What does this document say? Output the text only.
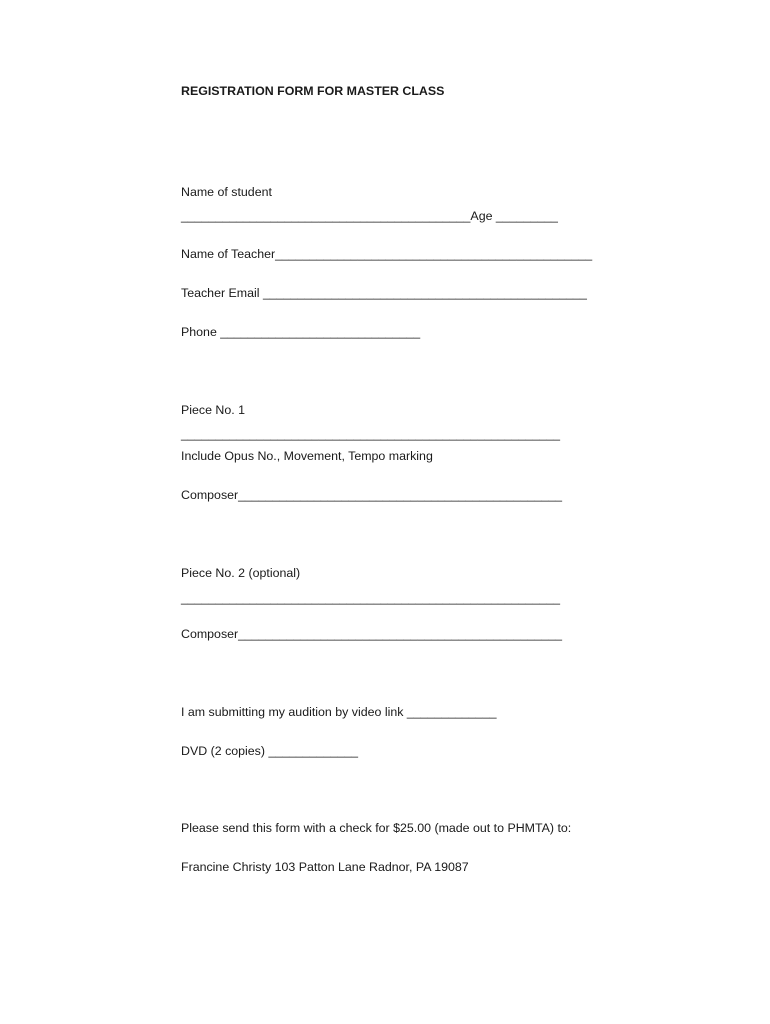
REGISTRATION FORM FOR MASTER CLASS

Name of student

__________________________________________Age _________

Name of Teacher______________________________________________

Teacher Email _______________________________________________

Phone _____________________________

Piece No. 1

_______________________________________________________

Include Opus No., Movement, Tempo marking

Composer_______________________________________________

Piece No. 2 (optional)

_______________________________________________________

Composer_______________________________________________

I am submitting my audition by video link _____________

DVD (2 copies) _____________

Please send this form with a check for $25.00 (made out to PHMTA) to:

Francine Christy 103 Patton Lane Radnor, PA 19087
